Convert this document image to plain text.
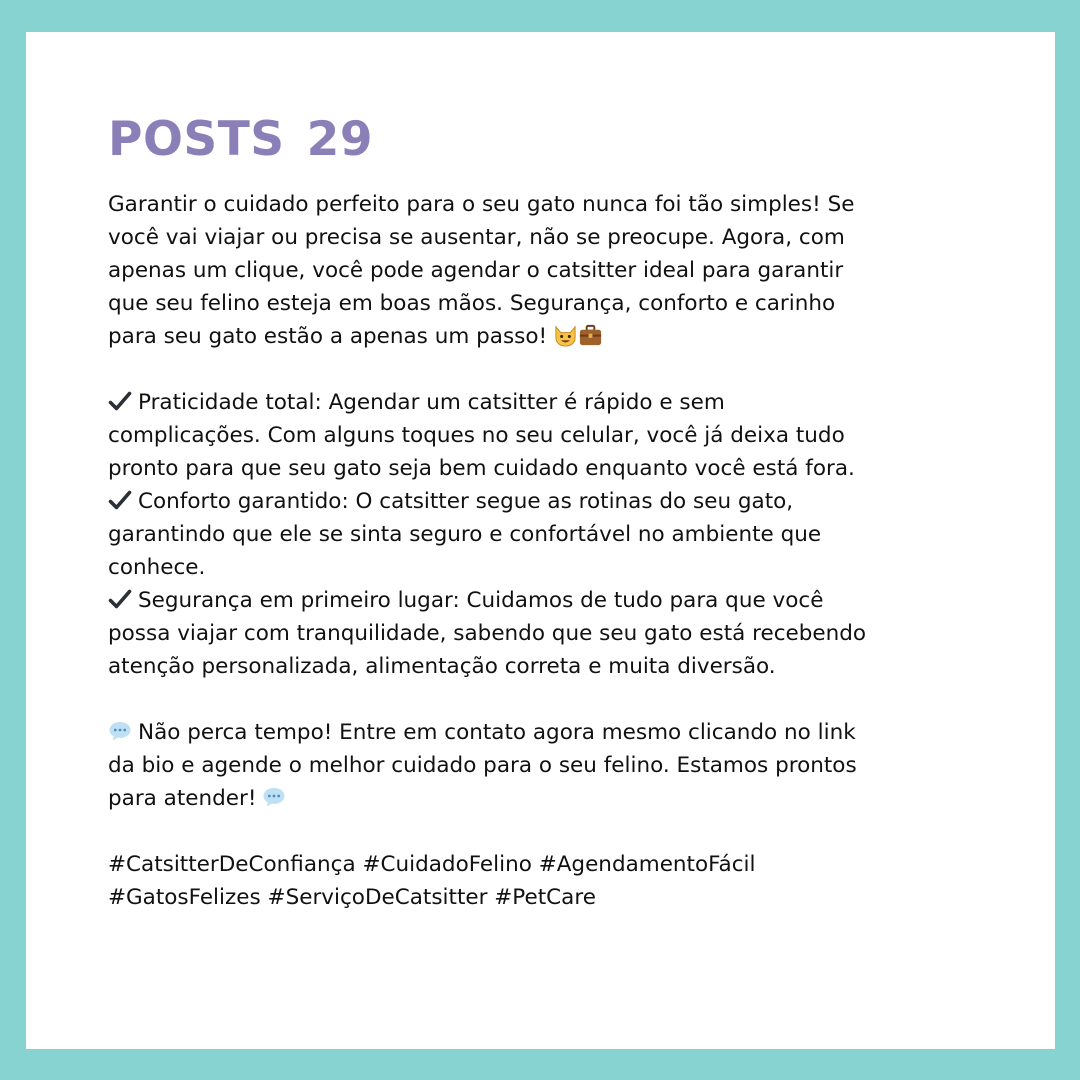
POSTS 29
Garantir o cuidado perfeito para o seu gato nunca foi tão simples! Se
você vai viajar ou precisa se ausentar, não se preocupe. Agora, com
apenas um clique, você pode agendar o catsitter ideal para garantir
que seu felino esteja em boas mãos. Segurança, conforto e carinho
para seu gato estão a apenas um passo!
Praticidade total: Agendar um catsitter é rápido e sem
complicações. Com alguns toques no seu celular, você já deixa tudo
pronto para que seu gato seja bem cuidado enquanto você está fora.
Conforto garantido: O catsitter segue as rotinas do seu gato,
garantindo que ele se sinta seguro e confortável no ambiente que
conhece.
Segurança em primeiro lugar: Cuidamos de tudo para que você
possa viajar com tranquilidade, sabendo que seu gato está recebendo
atenção personalizada, alimentação correta e muita diversão.
Não perca tempo! Entre em contato agora mesmo clicando no link
da bio e agende o melhor cuidado para o seu felino. Estamos prontos
para atender!
#CatsitterDeConfiança #CuidadoFelino #AgendamentoFácil
#GatosFelizes #ServiçoDeCatsitter #PetCare
